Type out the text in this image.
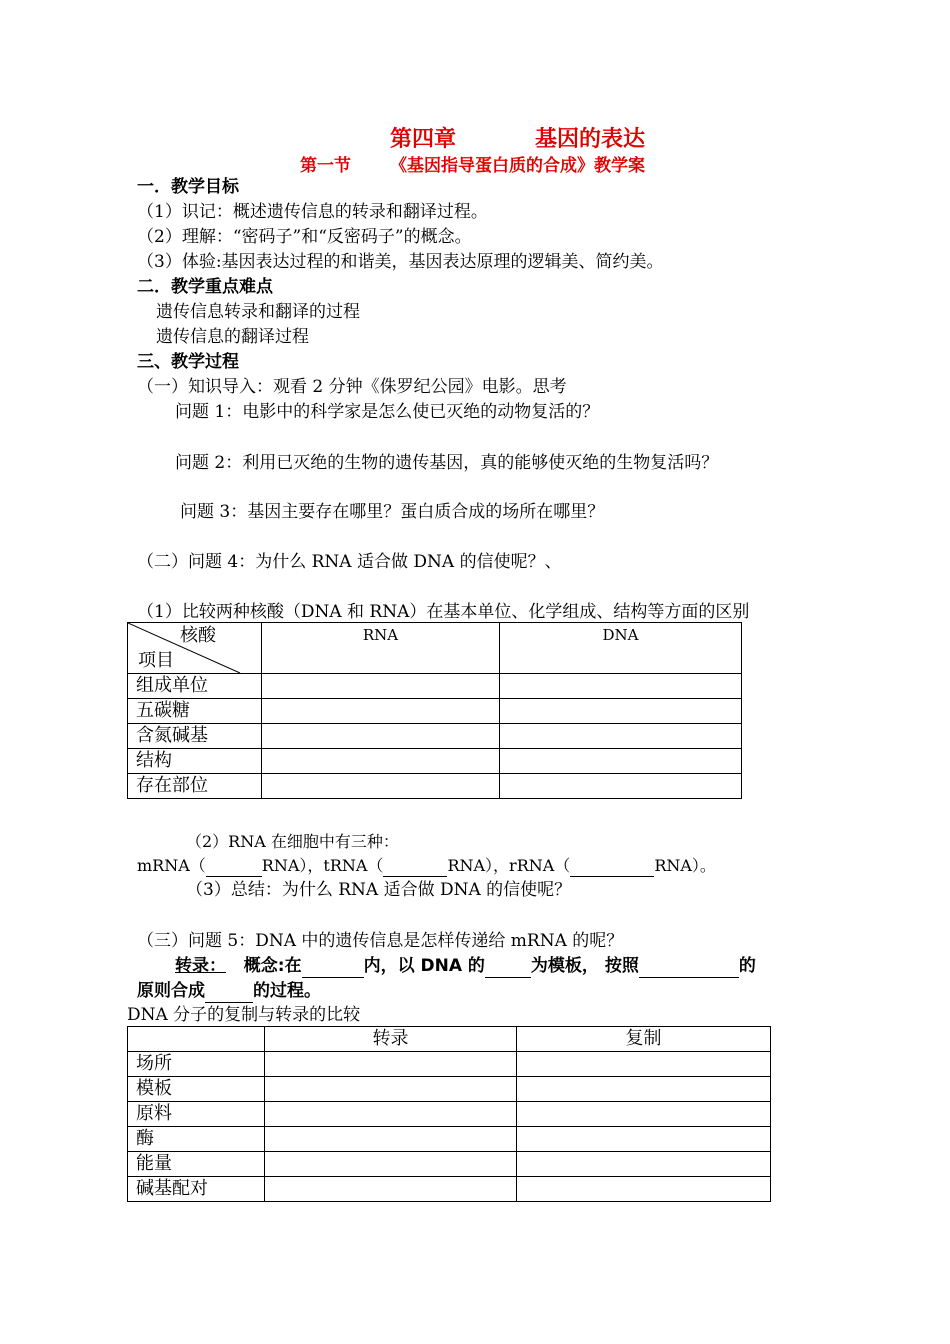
第四章	基因的表达
第一节 《基因指导蛋白质的合成》教学案
一．教学目标
（1）识记：概述遗传信息的转录和翻译过程。
（2）理解：“密码子”和“反密码子”的概念。
（3）体验:基因表达过程的和谐美，基因表达原理的逻辑美、简约美。
二．教学重点难点
遗传信息转录和翻译的过程
遗传信息的翻译过程
三、教学过程
（一）知识导入：观看 2 分钟《侏罗纪公园》电影。思考
问题 1：电影中的科学家是怎么使已灭绝的动物复活的？
问题 2：利用已灭绝的生物的遗传基因，真的能够使灭绝的生物复活吗？
问题 3：基因主要存在哪里？蛋白质合成的场所在哪里？
（二）问题 4：为什么 RNA 适合做 DNA 的信使呢？、
（1）比较两种核酸（DNA 和 RNA）在基本单位、化学组成、结构等方面的区别
核酸
项目	RNA	DNA
组成单位		
五碳糖		
含氮碱基		
结构		
存在部位		
（2）RNA 在细胞中有三种：
mRNA（	RNA），tRNA（	RNA），rRNA（	RNA）。
（3）总结：为什么 RNA 适合做 DNA 的信使呢？
（三）问题 5：DNA 中的遗传信息是怎样传递给 mRNA 的呢？
转录： 概念:在	内，以 DNA 的	为模板， 按照	的
原则合成	的过程。
DNA 分子的复制与转录的比较
	转录	复制
场所		
模板		
原料		
酶		
能量		
碱基配对		
